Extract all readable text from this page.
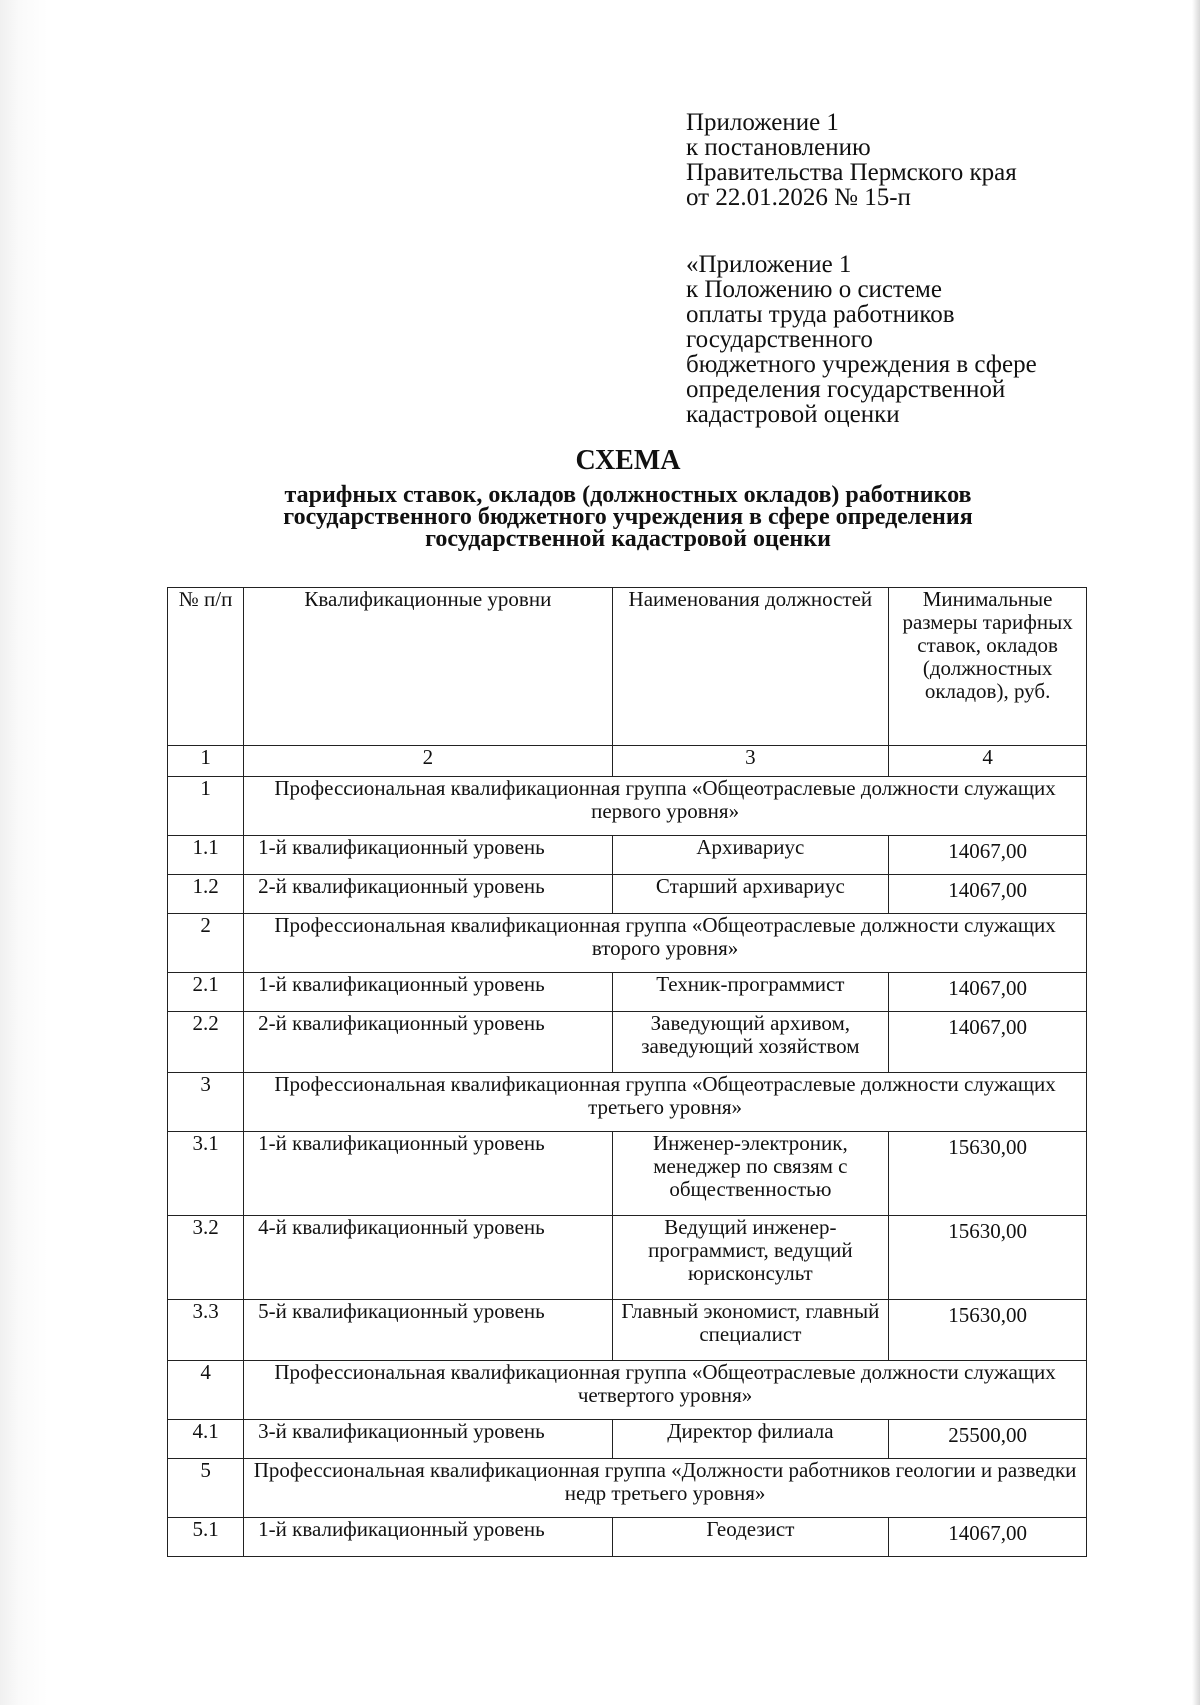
Приложение 1
к постановлению
Правительства Пермского края
от 22.01.2026 № 15-п
«Приложение 1
к Положению о системе
оплаты труда работников
государственного
бюджетного учреждения в сфере
определения государственной
кадастровой оценки
СХЕМА
тарифных ставок, окладов (должностных окладов) работников
государственного бюджетного учреждения в сфере определения
государственной кадастровой оценки
№ п/п	Квалификационные уровни	Наименования должностей	Минимальные размеры тарифных ставок, окладов (должностных окладов), руб.
1	2	3	4
1	Профессиональная квалификационная группа «Общеотраслевые должности служащих первого уровня»		
1.1	1-й квалификационный уровень	Архивариус	14067,00
1.2	2-й квалификационный уровень	Старший архивариус	14067,00
2	Профессиональная квалификационная группа «Общеотраслевые должности служащих второго уровня»		
2.1	1-й квалификационный уровень	Техник-программист	14067,00
2.2	2-й квалификационный уровень	Заведующий архивом, заведующий хозяйством	14067,00
3	Профессиональная квалификационная группа «Общеотраслевые должности служащих третьего уровня»		
3.1	1-й квалификационный уровень	Инженер-электроник, менеджер по связям с общественностью	15630,00
3.2	4-й квалификационный уровень	Ведущий инженер-программист, ведущий юрисконсульт	15630,00
3.3	5-й квалификационный уровень	Главный экономист, главный специалист	15630,00
4	Профессиональная квалификационная группа «Общеотраслевые должности служащих четвертого уровня»		
4.1	3-й квалификационный уровень	Директор филиала	25500,00
5	Профессиональная квалификационная группа «Должности работников геологии и разведки недр третьего уровня»		
5.1	1-й квалификационный уровень	Геодезист	14067,00
